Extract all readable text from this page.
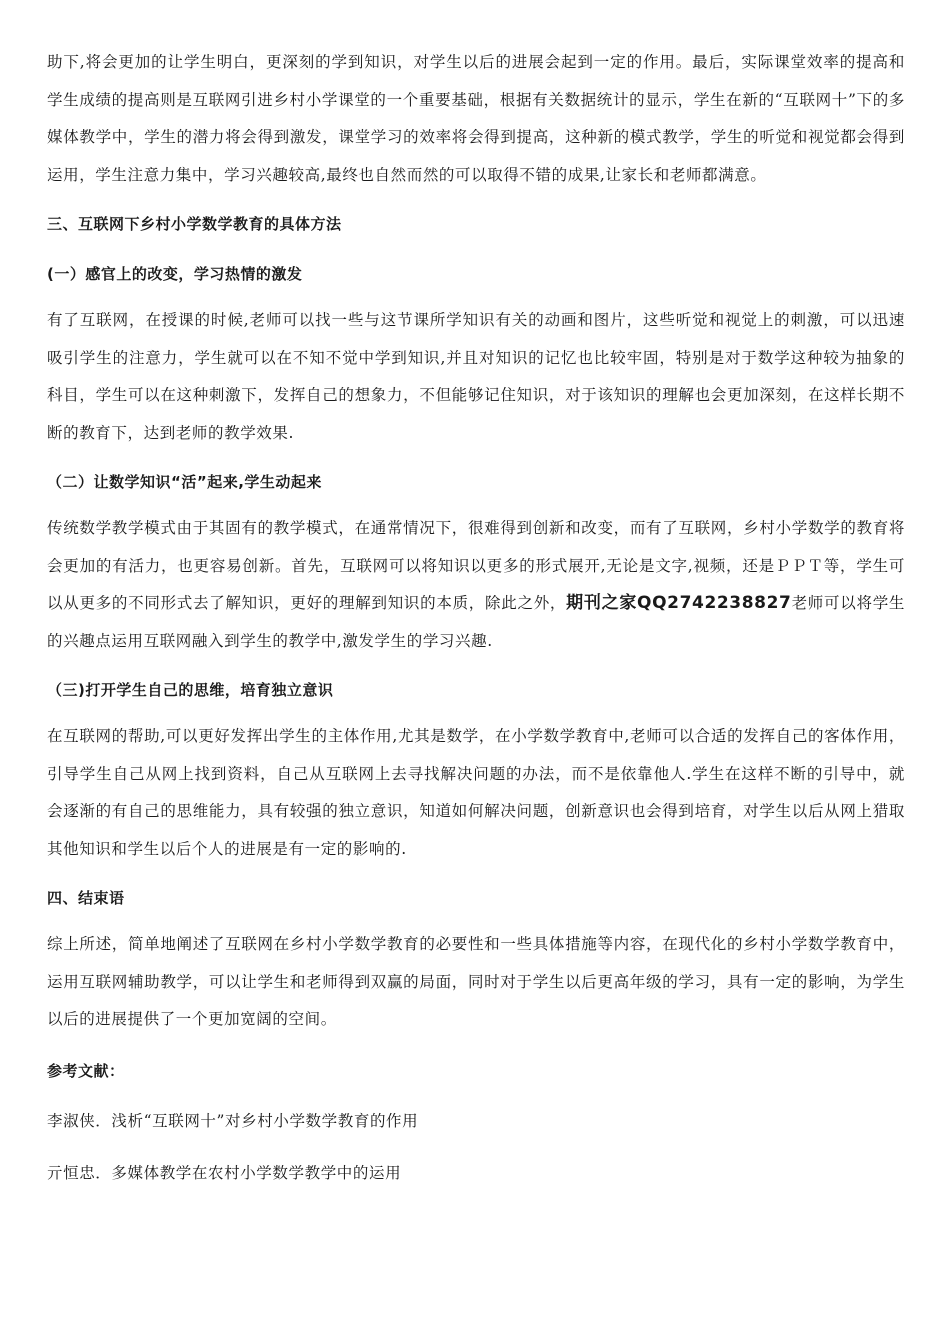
助下,将会更加的让学生明白，更深刻的学到知识，对学生以后的进展会起到一定的作用。最后，实际课堂效率的提高和学生成绩的提高则是互联网引进乡村小学课堂的一个重要基础，根据有关数据统计的显示，学生在新的“互联网十”下的多媒体教学中，学生的潜力将会得到激发，课堂学习的效率将会得到提高，这种新的模式教学，学生的听觉和视觉都会得到运用，学生注意力集中，学习兴趣较高,最终也自然而然的可以取得不错的成果,让家长和老师都满意。

三、互联网下乡村小学数学教育的具体方法

(一）感官上的改变，学习热情的激发

有了互联网，在授课的时候,老师可以找一些与这节课所学知识有关的动画和图片，这些听觉和视觉上的刺激，可以迅速吸引学生的注意力，学生就可以在不知不觉中学到知识,并且对知识的记忆也比较牢固，特别是对于数学这种较为抽象的科目，学生可以在这种刺激下，发挥自己的想象力，不但能够记住知识，对于该知识的理解也会更加深刻，在这样长期不断的教育下，达到老师的教学效果.

（二）让数学知识“活”起来,学生动起来

传统数学教学模式由于其固有的教学模式，在通常情况下，很难得到创新和改变，而有了互联网，乡村小学数学的教育将会更加的有活力，也更容易创新。首先，互联网可以将知识以更多的形式展开,无论是文字,视频，还是ＰＰＴ等，学生可以从更多的不同形式去了解知识，更好的理解到知识的本质，除此之外，期刊之家QQ2742238827老师可以将学生的兴趣点运用互联网融入到学生的教学中,激发学生的学习兴趣.

（三)打开学生自己的思维，培育独立意识

在互联网的帮助,可以更好发挥出学生的主体作用,尤其是数学，在小学数学教育中,老师可以合适的发挥自己的客体作用，引导学生自己从网上找到资料，自己从互联网上去寻找解决问题的办法，而不是依靠他人.学生在这样不断的引导中，就会逐渐的有自己的思维能力，具有较强的独立意识，知道如何解决问题，创新意识也会得到培育，对学生以后从网上猎取其他知识和学生以后个人的进展是有一定的影响的.

四、结束语

综上所述，简单地阐述了互联网在乡村小学数学教育的必要性和一些具体措施等内容，在现代化的乡村小学数学教育中，运用互联网辅助教学，可以让学生和老师得到双赢的局面，同时对于学生以后更高年级的学习，具有一定的影响，为学生以后的进展提供了一个更加宽阔的空间。

参考文献：

李淑侠．浅析“互联网十”对乡村小学数学教育的作用

亓恒忠．多媒体教学在农村小学数学教学中的运用
